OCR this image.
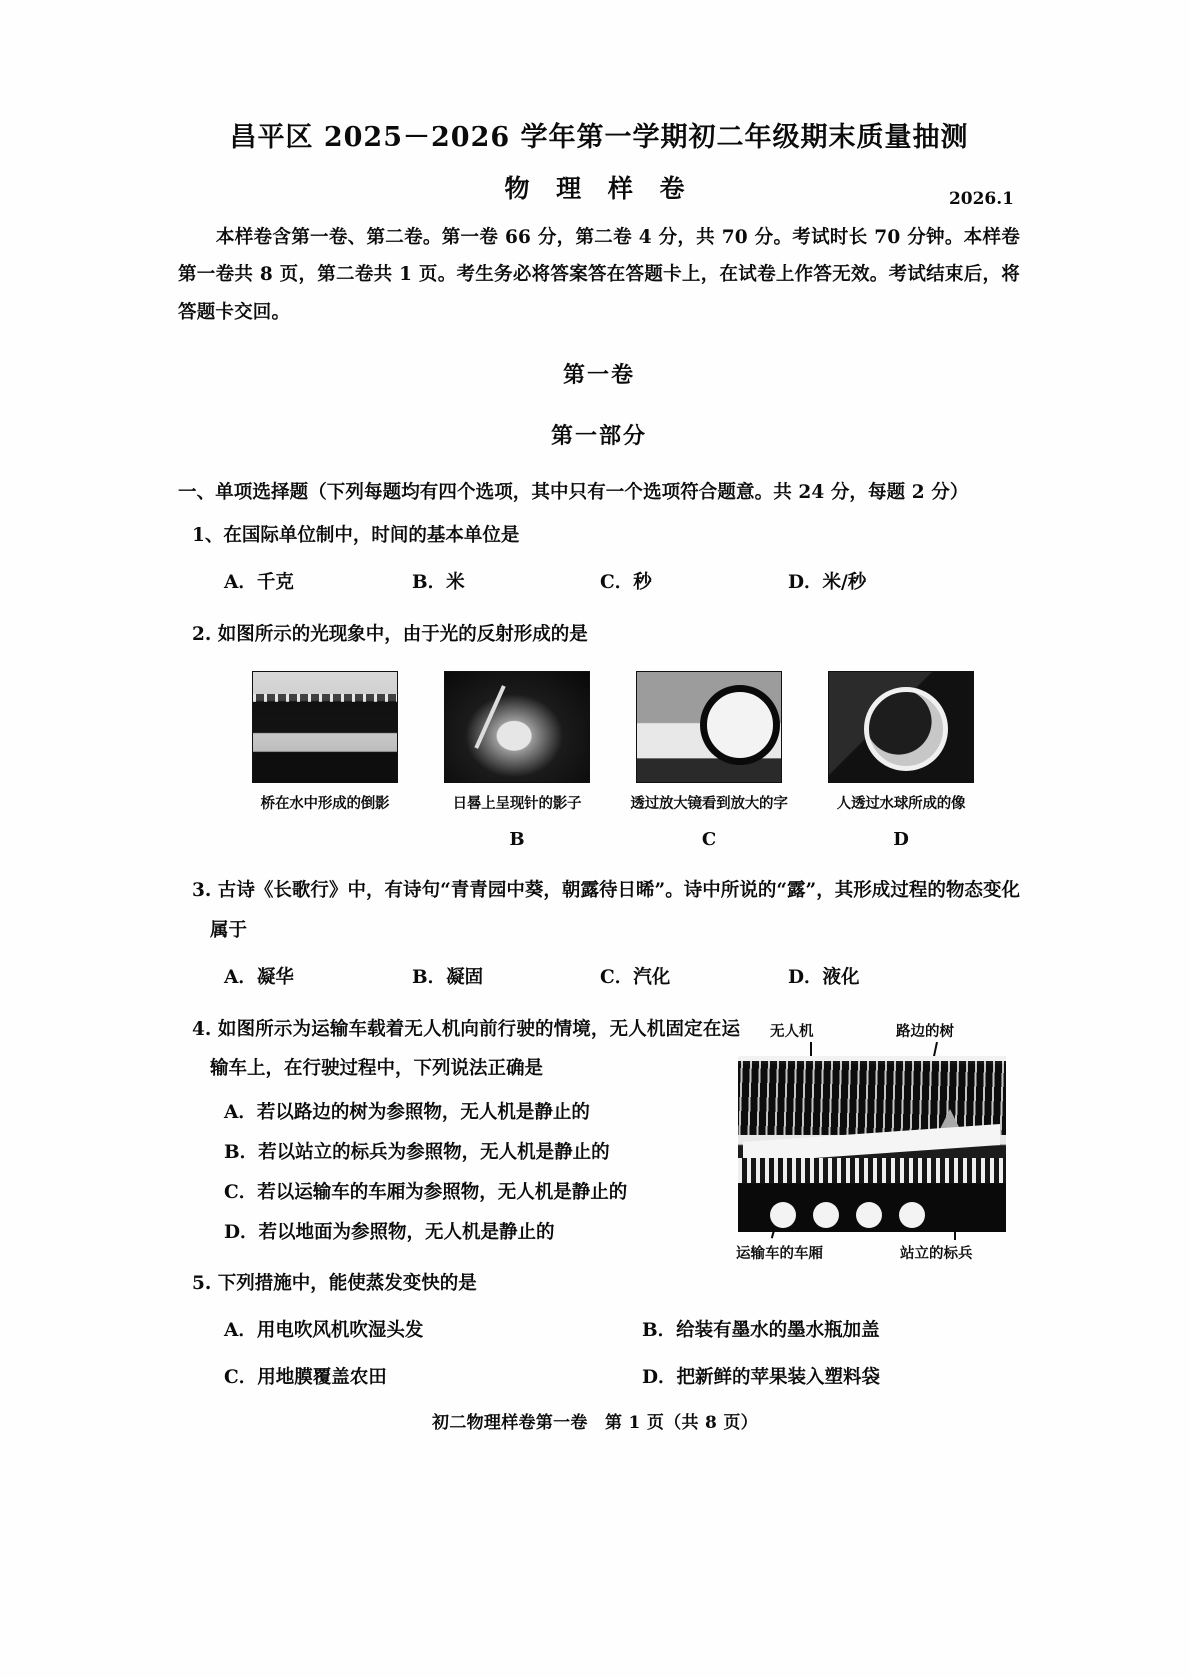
昌平区 2025－2026 学年第一学期初二年级期末质量抽测
物 理 样 卷	2026.1
本样卷含第一卷、第二卷。第一卷 66 分，第二卷 4 分，共 70 分。考试时长 70 分钟。本样卷第一卷共 8 页，第二卷共 1 页。考生务必将答案答在答题卡上，在试卷上作答无效。考试结束后，将答题卡交回。
第一卷
第一部分
一、单项选择题（下列每题均有四个选项，其中只有一个选项符合题意。共 24 分，每题 2 分）
1、在国际单位制中，时间的基本单位是
A．千克	B．米	C．秒	D．米/秒
2. 如图所示的光现象中，由于光的反射形成的是
桥在水中形成的倒影	日晷上呈现针的影子
B
透过放大镜看到放大的字
C
人透过水球所成的像
D
3. 古诗《长歌行》中，有诗句“青青园中葵，朝露待日晞”。诗中所说的“露”，其形成过程的物态变化属于
A．凝华	B．凝固	C．汽化	D．液化
4. 如图所示为运输车载着无人机向前行驶的情境，无人机固定在运输车上，在行驶过程中，下列说法正确是
A．若以路边的树为参照物，无人机是静止的
B．若以站立的标兵为参照物，无人机是静止的
C．若以运输车的车厢为参照物，无人机是静止的
D．若以地面为参照物，无人机是静止的
5. 下列措施中，能使蒸发变快的是
A．用电吹风机吹湿头发	B．给装有墨水的墨水瓶加盖
C．用地膜覆盖农田	D．把新鲜的苹果装入塑料袋
无人机	路边的树
运输车的车厢	站立的标兵
初二物理样卷第一卷　第 1 页（共 8 页）
